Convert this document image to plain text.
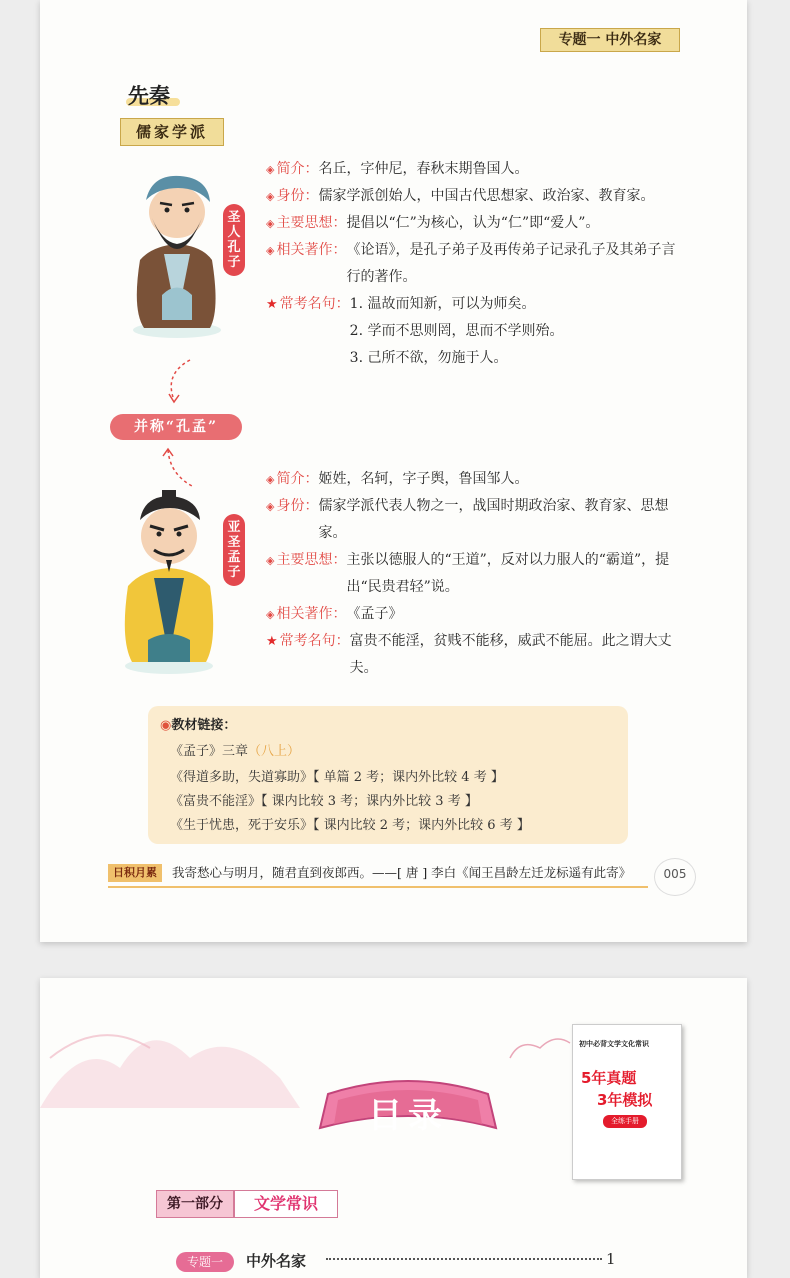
专题一 中外名家
先秦
儒家学派
圣人孔子
◈ 简介： 名丘，字仲尼，春秋末期鲁国人。
◈ 身份： 儒家学派创始人，中国古代思想家、政治家、教育家。
◈ 主要思想： 提倡以“仁”为核心，认为“仁”即“爱人”。
◈ 相关著作： 《论语》，是孔子弟子及再传弟子记录孔子及其弟子言行的著作。
★ 常考名句： 1. 温故而知新，可以为师矣。
2. 学而不思则罔，思而不学则殆。
3. 己所不欲，勿施于人。
并称“孔孟”
亚圣孟子
◈ 简介： 姬姓，名轲，字子舆，鲁国邹人。
◈ 身份： 儒家学派代表人物之一，战国时期政治家、教育家、思想家。
◈ 主要思想： 主张以德服人的“王道”，反对以力服人的“霸道”，提出“民贵君轻”说。
◈ 相关著作： 《孟子》
★ 常考名句： 富贵不能淫，贫贱不能移，威武不能屈。此之谓大丈夫。
◉教材链接：
《孟子》三章（八上）
《得道多助，失道寡助》【 单篇 2 考；课内外比较 4 考 】
《富贵不能淫》【 课内比较 3 考；课内外比较 3 考 】
《生于忧患，死于安乐》【 课内比较 2 考；课内外比较 6 考 】
日积月累	我寄愁心与明月，随君直到夜郎西。——[ 唐 ] 李白《闻王昌龄左迁龙标遥有此寄》	005
目录
初中必背文学文化常识
5年真题
3年模拟
全练手册
第一部分	文学常识
专题一	中外名家	1
